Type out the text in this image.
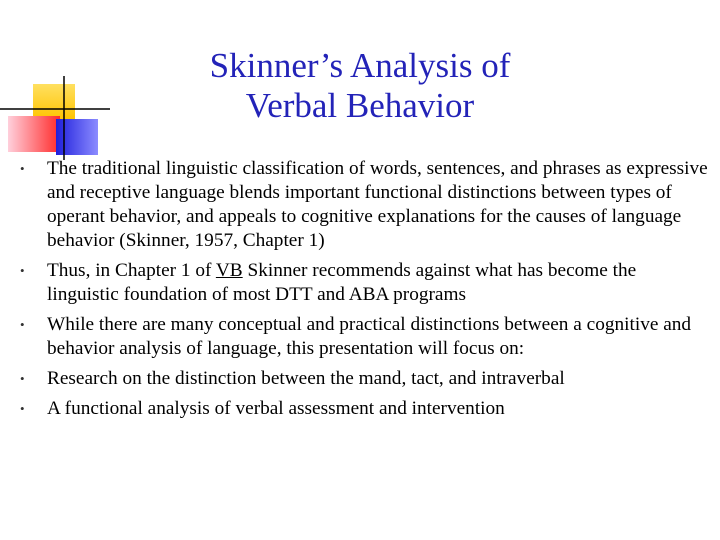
Skinner’s Analysis of
Verbal Behavior
• The traditional linguistic classification of words, sentences, and phrases as expressive and receptive language blends important functional distinctions between types of operant behavior, and appeals to cognitive explanations for the causes of language behavior (Skinner, 1957, Chapter 1)
• Thus, in Chapter 1 of VB Skinner recommends against what has become the linguistic foundation of most DTT and ABA programs
• While there are many conceptual and practical distinctions between a cognitive and behavior analysis of language, this presentation will focus on:
• Research on the distinction between the mand, tact, and intraverbal
• A functional analysis of verbal assessment and intervention
